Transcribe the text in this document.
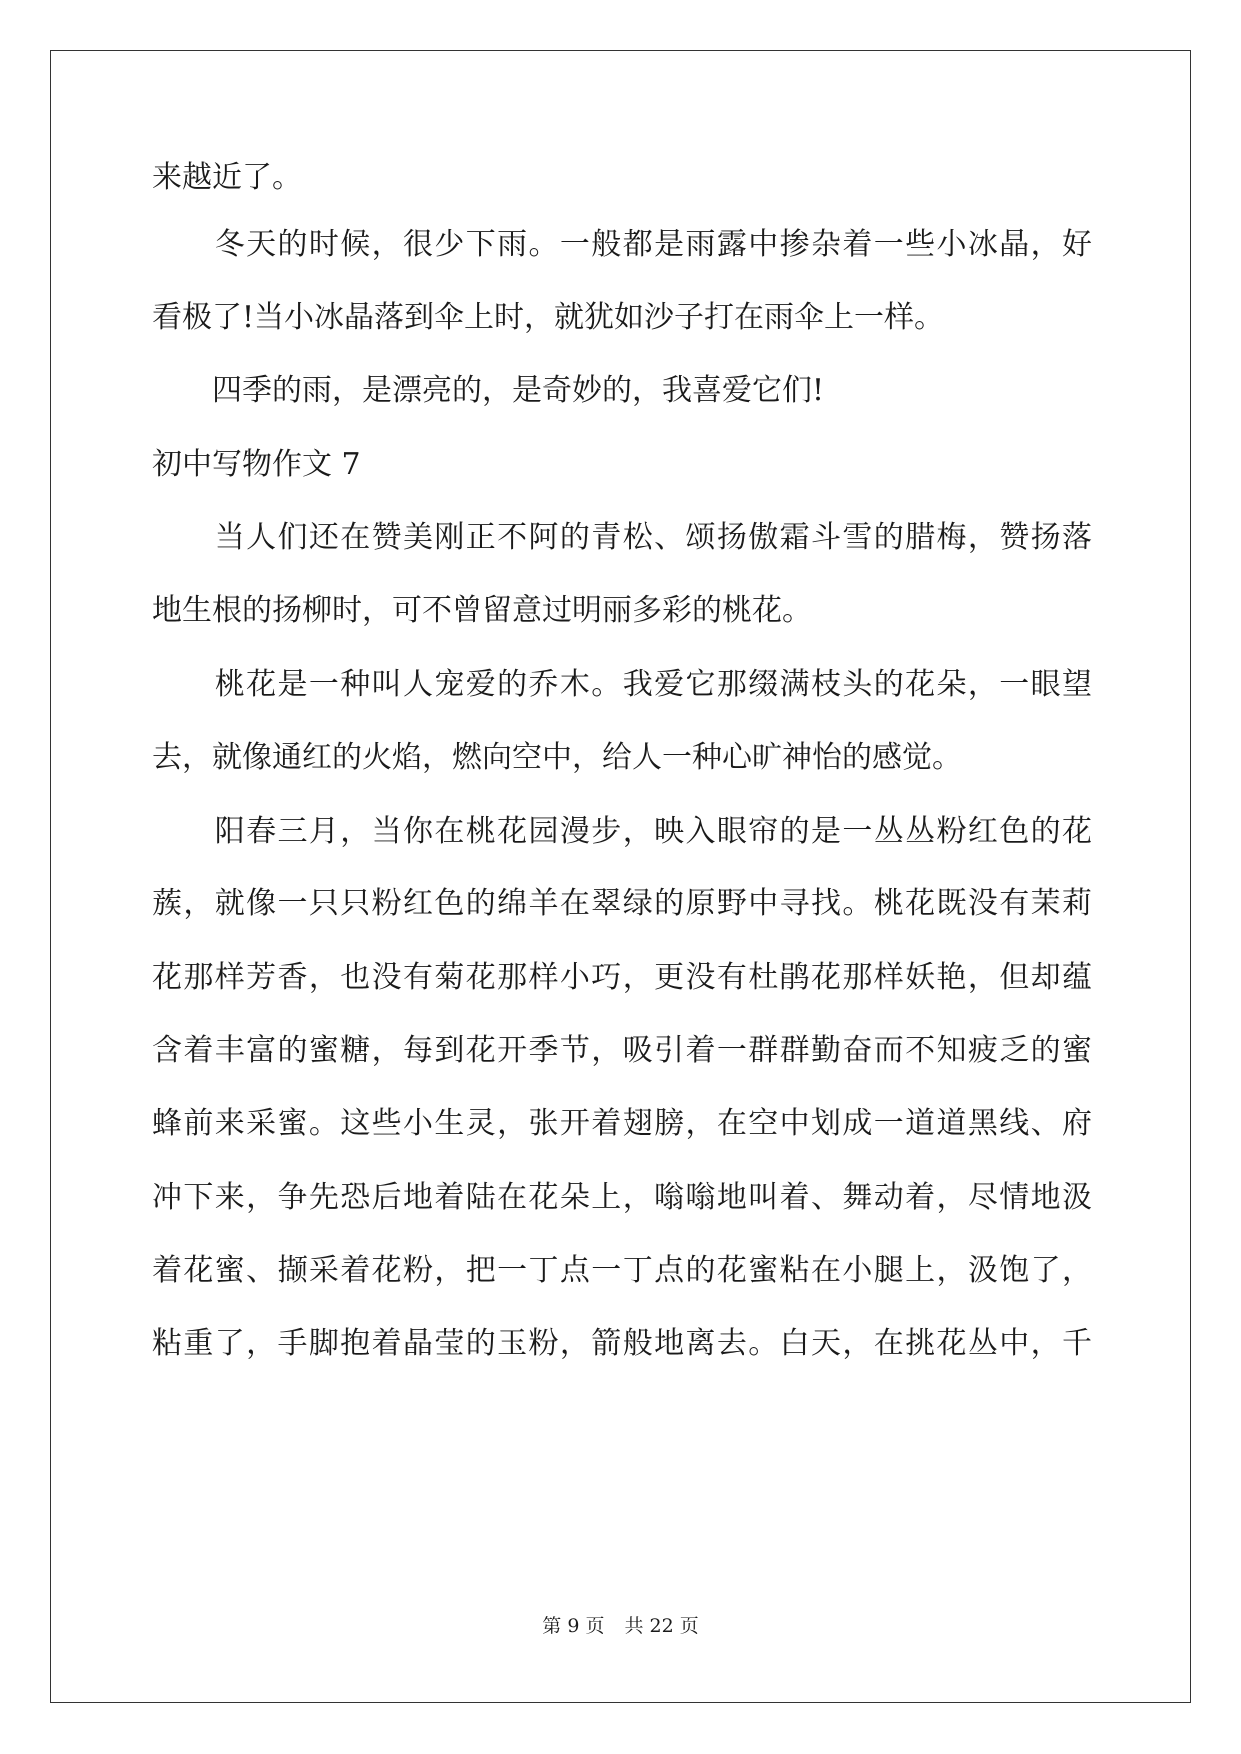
来越近了。
　　冬天的时候，很少下雨。一般都是雨露中掺杂着一些小冰晶，好
看极了!当小冰晶落到伞上时，就犹如沙子打在雨伞上一样。
　　四季的雨，是漂亮的，是奇妙的，我喜爱它们!
初中写物作文 7
　　当人们还在赞美刚正不阿的青松、颂扬傲霜斗雪的腊梅，赞扬落
地生根的扬柳时，可不曾留意过明丽多彩的桃花。
　　桃花是一种叫人宠爱的乔木。我爱它那缀满枝头的花朵，一眼望
去，就像通红的火焰，燃向空中，给人一种心旷神怡的感觉。
　　阳春三月，当你在桃花园漫步，映入眼帘的是一丛丛粉红色的花
蔟，就像一只只粉红色的绵羊在翠绿的原野中寻找。桃花既没有茉莉
花那样芳香，也没有菊花那样小巧，更没有杜鹃花那样妖艳，但却蕴
含着丰富的蜜糖，每到花开季节，吸引着一群群勤奋而不知疲乏的蜜
蜂前来采蜜。这些小生灵，张开着翅膀，在空中划成一道道黑线、府
冲下来，争先恐后地着陆在花朵上，嗡嗡地叫着、舞动着，尽情地汲
着花蜜、撷采着花粉，把一丁点一丁点的花蜜粘在小腿上，汲饱了，
粘重了，手脚抱着晶莹的玉粉，箭般地离去。白天，在挑花丛中，千
第 9 页 共 22 页
